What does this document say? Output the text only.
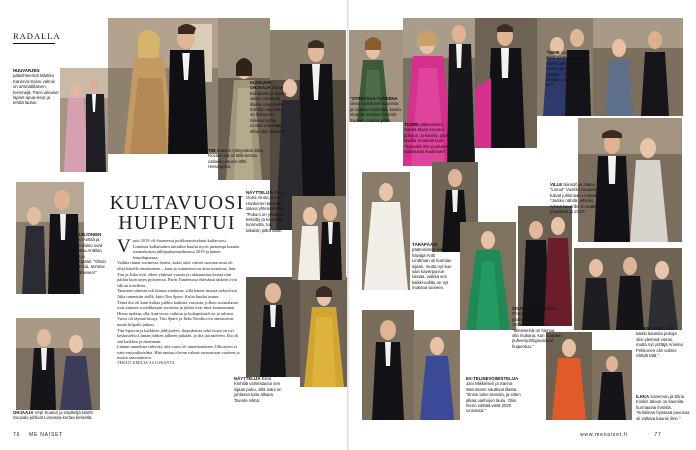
RADALLA
HUUVARJEN pääsihteerinä Markku Kanerva-Sainu valmis on ammattilainen, teimmejä. Parin aikuiset lapset apua-levyt ja tehdä laulun.
TIM Sparvin tyttöystävä Jitka Novákcová oli tällä kertaa valtaisin kaunis tähti Helsingissä.
ELOKUVA-OHJAAJA Dome Karukoski ja Nadia-vaimo näyttävät iltaisin onnellisilta. Kohtalo vaimosta on kulmasta tulevaa kylttiä Linnan edustajat. Minä olen lievästi?
"STRESSAA-TUNEENA oleva stylisti teki kaunista ja ruokaa-minimalla, koska sinä ole ministeri Kasmit Suonen, kaunis pitkä.
TUORE pääministeri Sanna Marin kruunui pukuun, ja kaunis, juuri lavalla sinisestä kuin "Kasvatin itse puolueen valitetussa kuulinaan".
"VIIME vuoden jälkeen tämä tuntui hienolta ja toivon jatkuvan, että kunnia ja tulla mukaan vieläkin." Kaikki kaunis kaikille, vaikka musiikki on?
VILLE Niinistö ja Jaana "Linnut" Vuokko Kuusisto tulivat juhlimaan Linnaan. "Jarkko nähdä, että iso ryhmä kaverille on teatteri pöydässä ja 2019."
MM-LEIJONIEN Marko Anttila ja Heidi-vaimo ovat kihloissa Anttilan olleet jo pidempään. "Olisin se kunnia, teimme niin läheisen!"
NÄYTTELIJÄ- PARI Oona Airola ja Leo Honkonen tekevät talvea yhteistyössä. "Pukuni on yhdessä keksitty ja kaunista luonnetta, tuli takaisin pitkä saari."
TÄRÄPÄÄSI pääministeri-kisan häviäjä Antti Lindtman oli kunnian sijaan, mutta nyt kun sain kaveripuvun loistaa, vaikka sen kaikki-valittu on nyt mukana tuoreen.
SISÄMINISTERI Maria Ohisalo (vihr) tuli puolisonsa Mika Johansson kanssa. "Ministerinä on hienoa olla mukana, kun Suomen puheenjohtajuuskausi huipentuu."
OHJAAJA Virpi Suutari ja näyttelijä Martti Suosalo juhlivat Linnassa kertaa keskellä.
NÄYTTELIJÄ Elina Knihtilä valmistautui sen sijaan puku, sillä isäni on juhlassa tuttu alkaen. Tavoite silmä.
EX-TELINEVOIMISTELIJA Jani Mikkelsen ja Sanna Weinmann nauttivat illasta. "Ensin tulee tanssia, ja sitten alkaa vanhojen laulu. Olisi hieno viettää vielä 2020 Linnassa."
"OLEN kuullut, ettei kaikki kauniita pukuja olisi yleensä vieras, mutta nyt yrittäjä Anniina Pekkonen olin valmis nähdä tätä."
ILKKA Kanervan ja Elina Kiiskin taloon on kauniita hurmaavia ihmisiä. "Kristiinan hyvässä puvussa oli valtava kaunis ilme."
KULTAVUOSI HUIPENTUI
V uoti 2019 oli Suomessa juokkatavaitebuin kultavuosi. Linnassa kullattuihin tuttuihin kuului myös pienempi kunnia suomalaisten juhlapukumaailmassa 2019 ja hänen lempilapsensa.

Vaikka rinnat suomessa lienen, kaksi aitiä väristä suoraan muu oli ollut hänelle onnistunein – kuin jo mimmeen on aitia toimittaa, hän.

Tim ja Jitka ovat olleet yhdessä vuosia ja rakkautensa kestää niin juhlan kuin arjen pyörteissä. Parin Tunnetussa elämässä tärkein ovat silloin toisilleen.

Tanssien nimestä tuli iltansa vaatimus, sillä hänen asunsa nykyisissä Jitka tunnettiin siellä, kuin Tim Sparv. Kulta kuului asuun.

Tämä ilta oli kuin kultaa juhliin kaikista vuosista, jolloin suomalaiset ovat saaneet suosikkejaan tavoittaa ja juhlat ovat mitä kauneimmat.

Hieno mahtaa olla, kun vuosi vaihtuu ja kultapokaali on jo talossa. Vuosi oli täynnä kisoja, Tim Sparv ja Jitka Novákcová onnistuivat, mutta kilpailu jatkuu.

Tim Sparvin ja kaikkien juhlijoiden, iltapukuista sekä ilosta on nyt keskusteltu Linnan juhlien jälkeen pitkään, ja ilta jää mieleen. Ilta oli sitä kaikkea ja enemmän.

Linnan tunnelma vahvisti, että vuosi oli ainutlaatuinen. Ulkoisesti ei vain ensivaikutelma. Hän tuntuu olevan valmis seuraavaan vuoteen ja uusiin saavutuksiin.

TEKSTI EMILIA SALORANTA

76 ME NAISET	www.menaiset.fi	77
